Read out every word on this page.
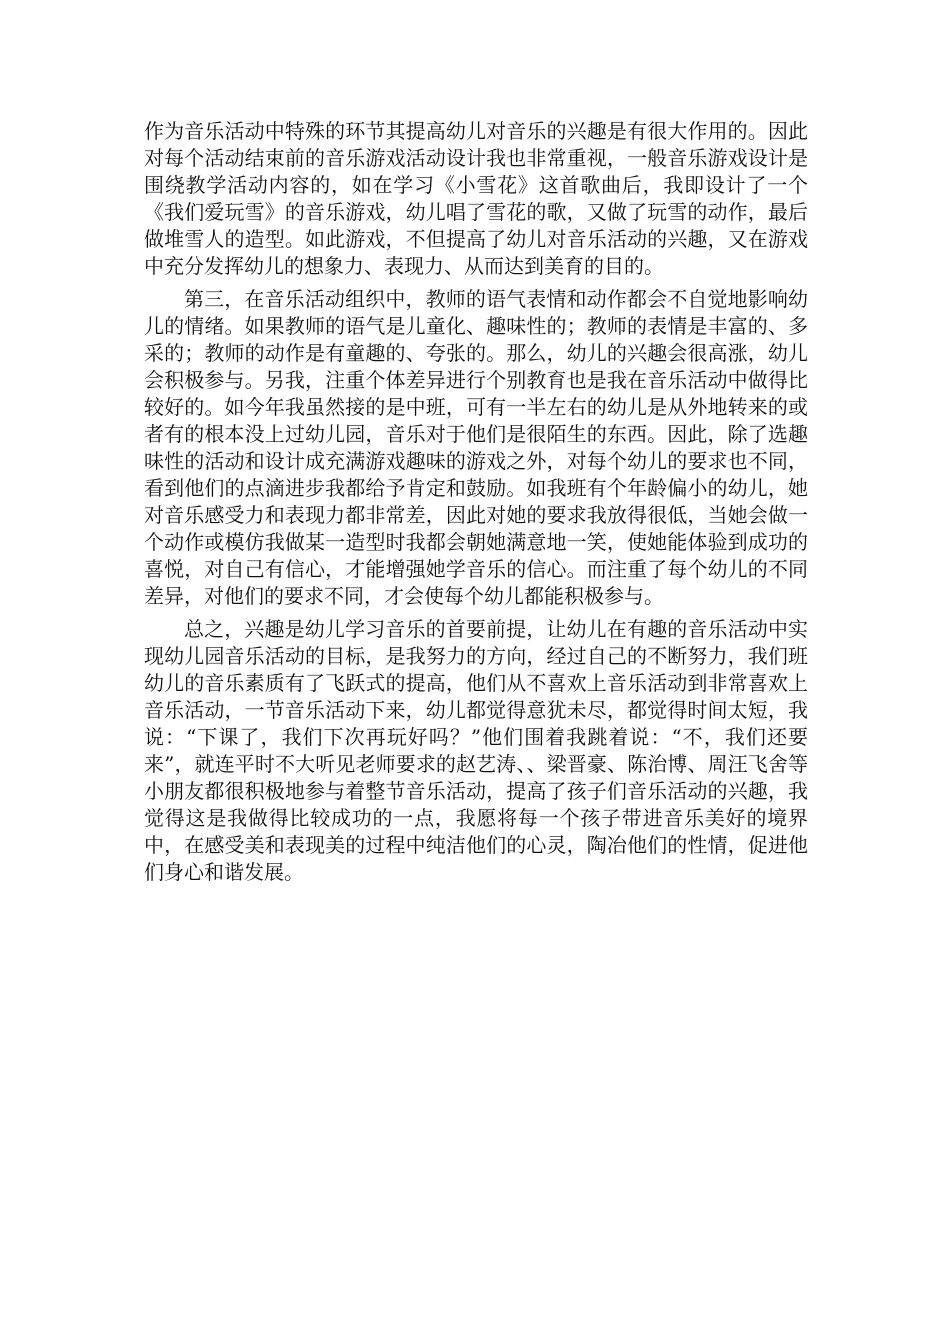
作为音乐活动中特殊的环节其提高幼儿对音乐的兴趣是有很大作用的。因此对每个活动结束前的音乐游戏活动设计我也非常重视，一般音乐游戏设计是围绕教学活动内容的，如在学习《小雪花》这首歌曲后，我即设计了一个《我们爱玩雪》的音乐游戏，幼儿唱了雪花的歌，又做了玩雪的动作，最后做堆雪人的造型。如此游戏，不但提高了幼儿对音乐活动的兴趣，又在游戏中充分发挥幼儿的想象力、表现力、从而达到美育的目的。

第三，在音乐活动组织中，教师的语气表情和动作都会不自觉地影响幼儿的情绪。如果教师的语气是儿童化、趣味性的；教师的表情是丰富的、多采的；教师的动作是有童趣的、夸张的。那么，幼儿的兴趣会很高涨，幼儿会积极参与。另我，注重个体差异进行个别教育也是我在音乐活动中做得比较好的。如今年我虽然接的是中班，可有一半左右的幼儿是从外地转来的或者有的根本没上过幼儿园，音乐对于他们是很陌生的东西。因此，除了选趣味性的活动和设计成充满游戏趣味的游戏之外，对每个幼儿的要求也不同，看到他们的点滴进步我都给予肯定和鼓励。如我班有个年龄偏小的幼儿，她对音乐感受力和表现力都非常差，因此对她的要求我放得很低，当她会做一个动作或模仿我做某一造型时我都会朝她满意地一笑，使她能体验到成功的喜悦，对自己有信心，才能增强她学音乐的信心。而注重了每个幼儿的不同差异，对他们的要求不同，才会使每个幼儿都能积极参与。

总之，兴趣是幼儿学习音乐的首要前提，让幼儿在有趣的音乐活动中实现幼儿园音乐活动的目标，是我努力的方向，经过自己的不断努力，我们班幼儿的音乐素质有了飞跃式的提高，他们从不喜欢上音乐活动到非常喜欢上音乐活动，一节音乐活动下来，幼儿都觉得意犹未尽，都觉得时间太短，我说：“下课了，我们下次再玩好吗？”他们围着我跳着说：“不，我们还要来”，就连平时不大听见老师要求的赵艺涛、、梁晋豪、陈治博、周汪飞舍等小朋友都很积极地参与着整节音乐活动，提高了孩子们音乐活动的兴趣，我觉得这是我做得比较成功的一点，我愿将每一个孩子带进音乐美好的境界中，在感受美和表现美的过程中纯洁他们的心灵，陶冶他们的性情，促进他们身心和谐发展。
